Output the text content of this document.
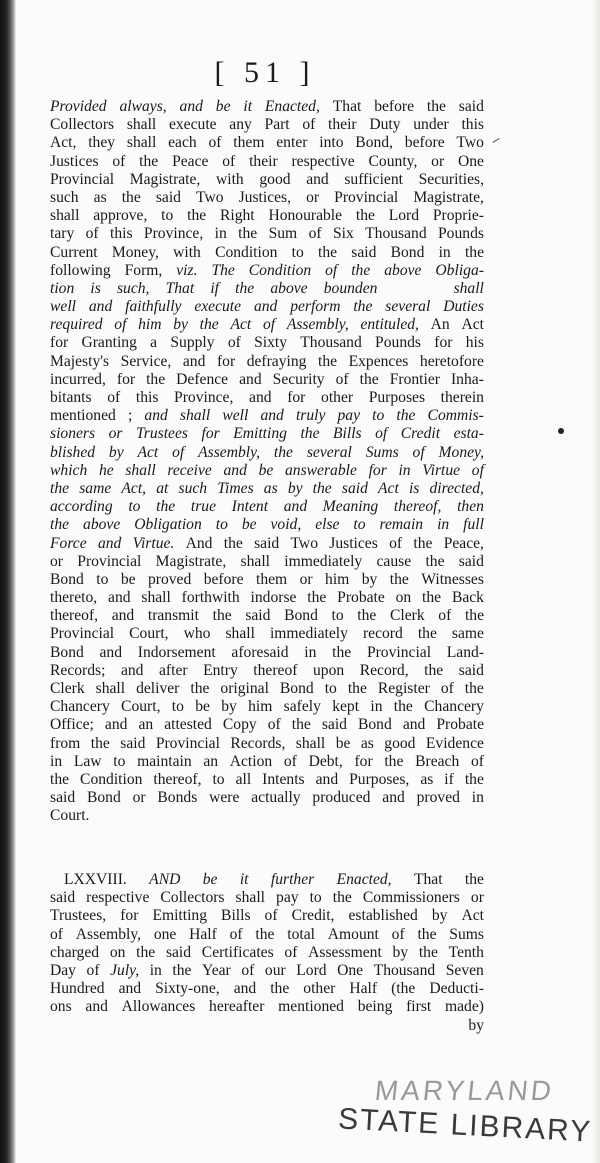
[ 51 ]
Provided always, and be it Enacted, That before the said
Collectors shall execute any Part of their Duty under this
Act, they shall each of them enter into Bond, before Two
Justices of the Peace of their respective County, or One
Provincial Magistrate, with good and sufficient Securities,
such as the said Two Justices, or Provincial Magistrate,
shall approve, to the Right Honourable the Lord Proprie-
tary of this Province, in the Sum of Six Thousand Pounds
Current Money, with Condition to the said Bond in the
following Form, viz. The Condition of the above Obliga-
tion is such, That if the above bounden	shall
well and faithfully execute and perform the several Duties
required of him by the Act of Assembly, entituled, An Act
for Granting a Supply of Sixty Thousand Pounds for his
Majesty's Service, and for defraying the Expences heretofore
incurred, for the Defence and Security of the Frontier Inha-
bitants of this Province, and for other Purposes therein
mentioned ; and shall well and truly pay to the Commis-
sioners or Trustees for Emitting the Bills of Credit esta-
blished by Act of Assembly, the several Sums of Money,
which he shall receive and be answerable for in Virtue of
the same Act, at such Times as by the said Act is directed,
according to the true Intent and Meaning thereof, then
the above Obligation to be void, else to remain in full
Force and Virtue. And the said Two Justices of the Peace,
or Provincial Magistrate, shall immediately cause the said
Bond to be proved before them or him by the Witnesses
thereto, and shall forthwith indorse the Probate on the Back
thereof, and transmit the said Bond to the Clerk of the
Provincial Court, who shall immediately record the same
Bond and Indorsement aforesaid in the Provincial Land-
Records; and after Entry thereof upon Record, the said
Clerk shall deliver the original Bond to the Register of the
Chancery Court, to be by him safely kept in the Chancery
Office; and an attested Copy of the said Bond and Probate
from the said Provincial Records, shall be as good Evidence
in Law to maintain an Action of Debt, for the Breach of
the Condition thereof, to all Intents and Purposes, as if the
said Bond or Bonds were actually produced and proved in
Court.
LXXVIII. AND be it further Enacted, That the
said respective Collectors shall pay to the Commissioners or
Trustees, for Emitting Bills of Credit, established by Act
of Assembly, one Half of the total Amount of the Sums
charged on the said Certificates of Assessment by the Tenth
Day of July, in the Year of our Lord One Thousand Seven
Hundred and Sixty-one, and the other Half (the Deducti-
ons and Allowances hereafter mentioned being first made)
by
MARYLAND
STATE LIBRARY
